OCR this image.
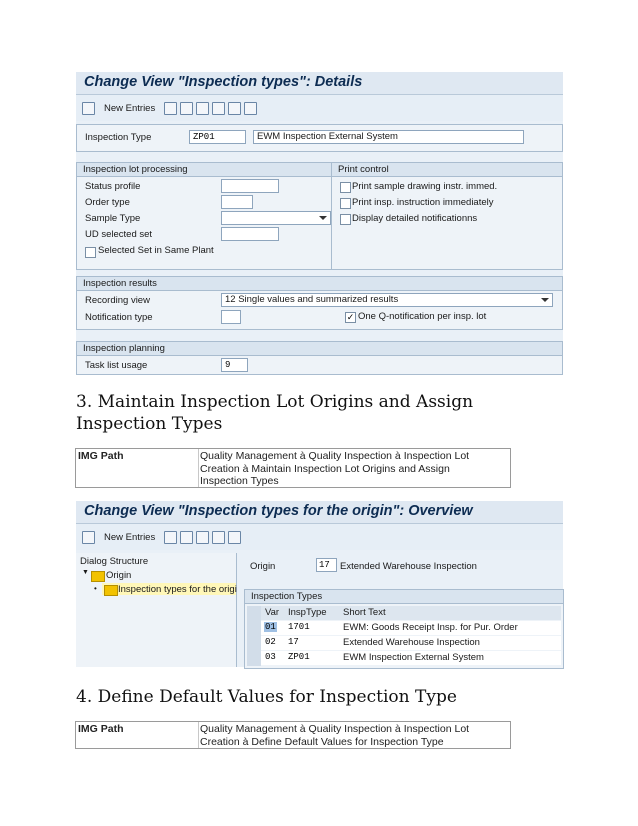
Change View "Inspection types": Details
New Entries
Inspection Type	ZP01	EWM Inspection External System
Inspection lot processing
Status profile
Order type
Sample Type
UD selected set
Selected Set in Same Plant
Print control
Print sample drawing instr. immed.
Print insp. instruction immediately
Display detailed notificationns
Inspection results
Recording view	12 Single values and summarized results
Notification type	✓ One Q-notification per insp. lot
Inspection planning
Task list usage	9
3. Maintain Inspection Lot Origins and Assign Inspection Types
IMG Path	Quality Management à Quality Inspection à Inspection Lot Creation à Maintain Inspection Lot Origins and Assign Inspection Types
Change View "Inspection types for the origin": Overview
New Entries
Dialog Structure
▼ Origin
• Inspection types for the origi
Origin	17	Extended Warehouse Inspection
Inspection Types
Var InspType Short Text
01 1701	EWM: Goods Receipt Insp. for Pur. Order
02 17	Extended Warehouse Inspection
03 ZP01	EWM Inspection External System
4. Define Default Values for Inspection Type
IMG Path	Quality Management à Quality Inspection à Inspection Lot Creation à Define Default Values for Inspection Type
